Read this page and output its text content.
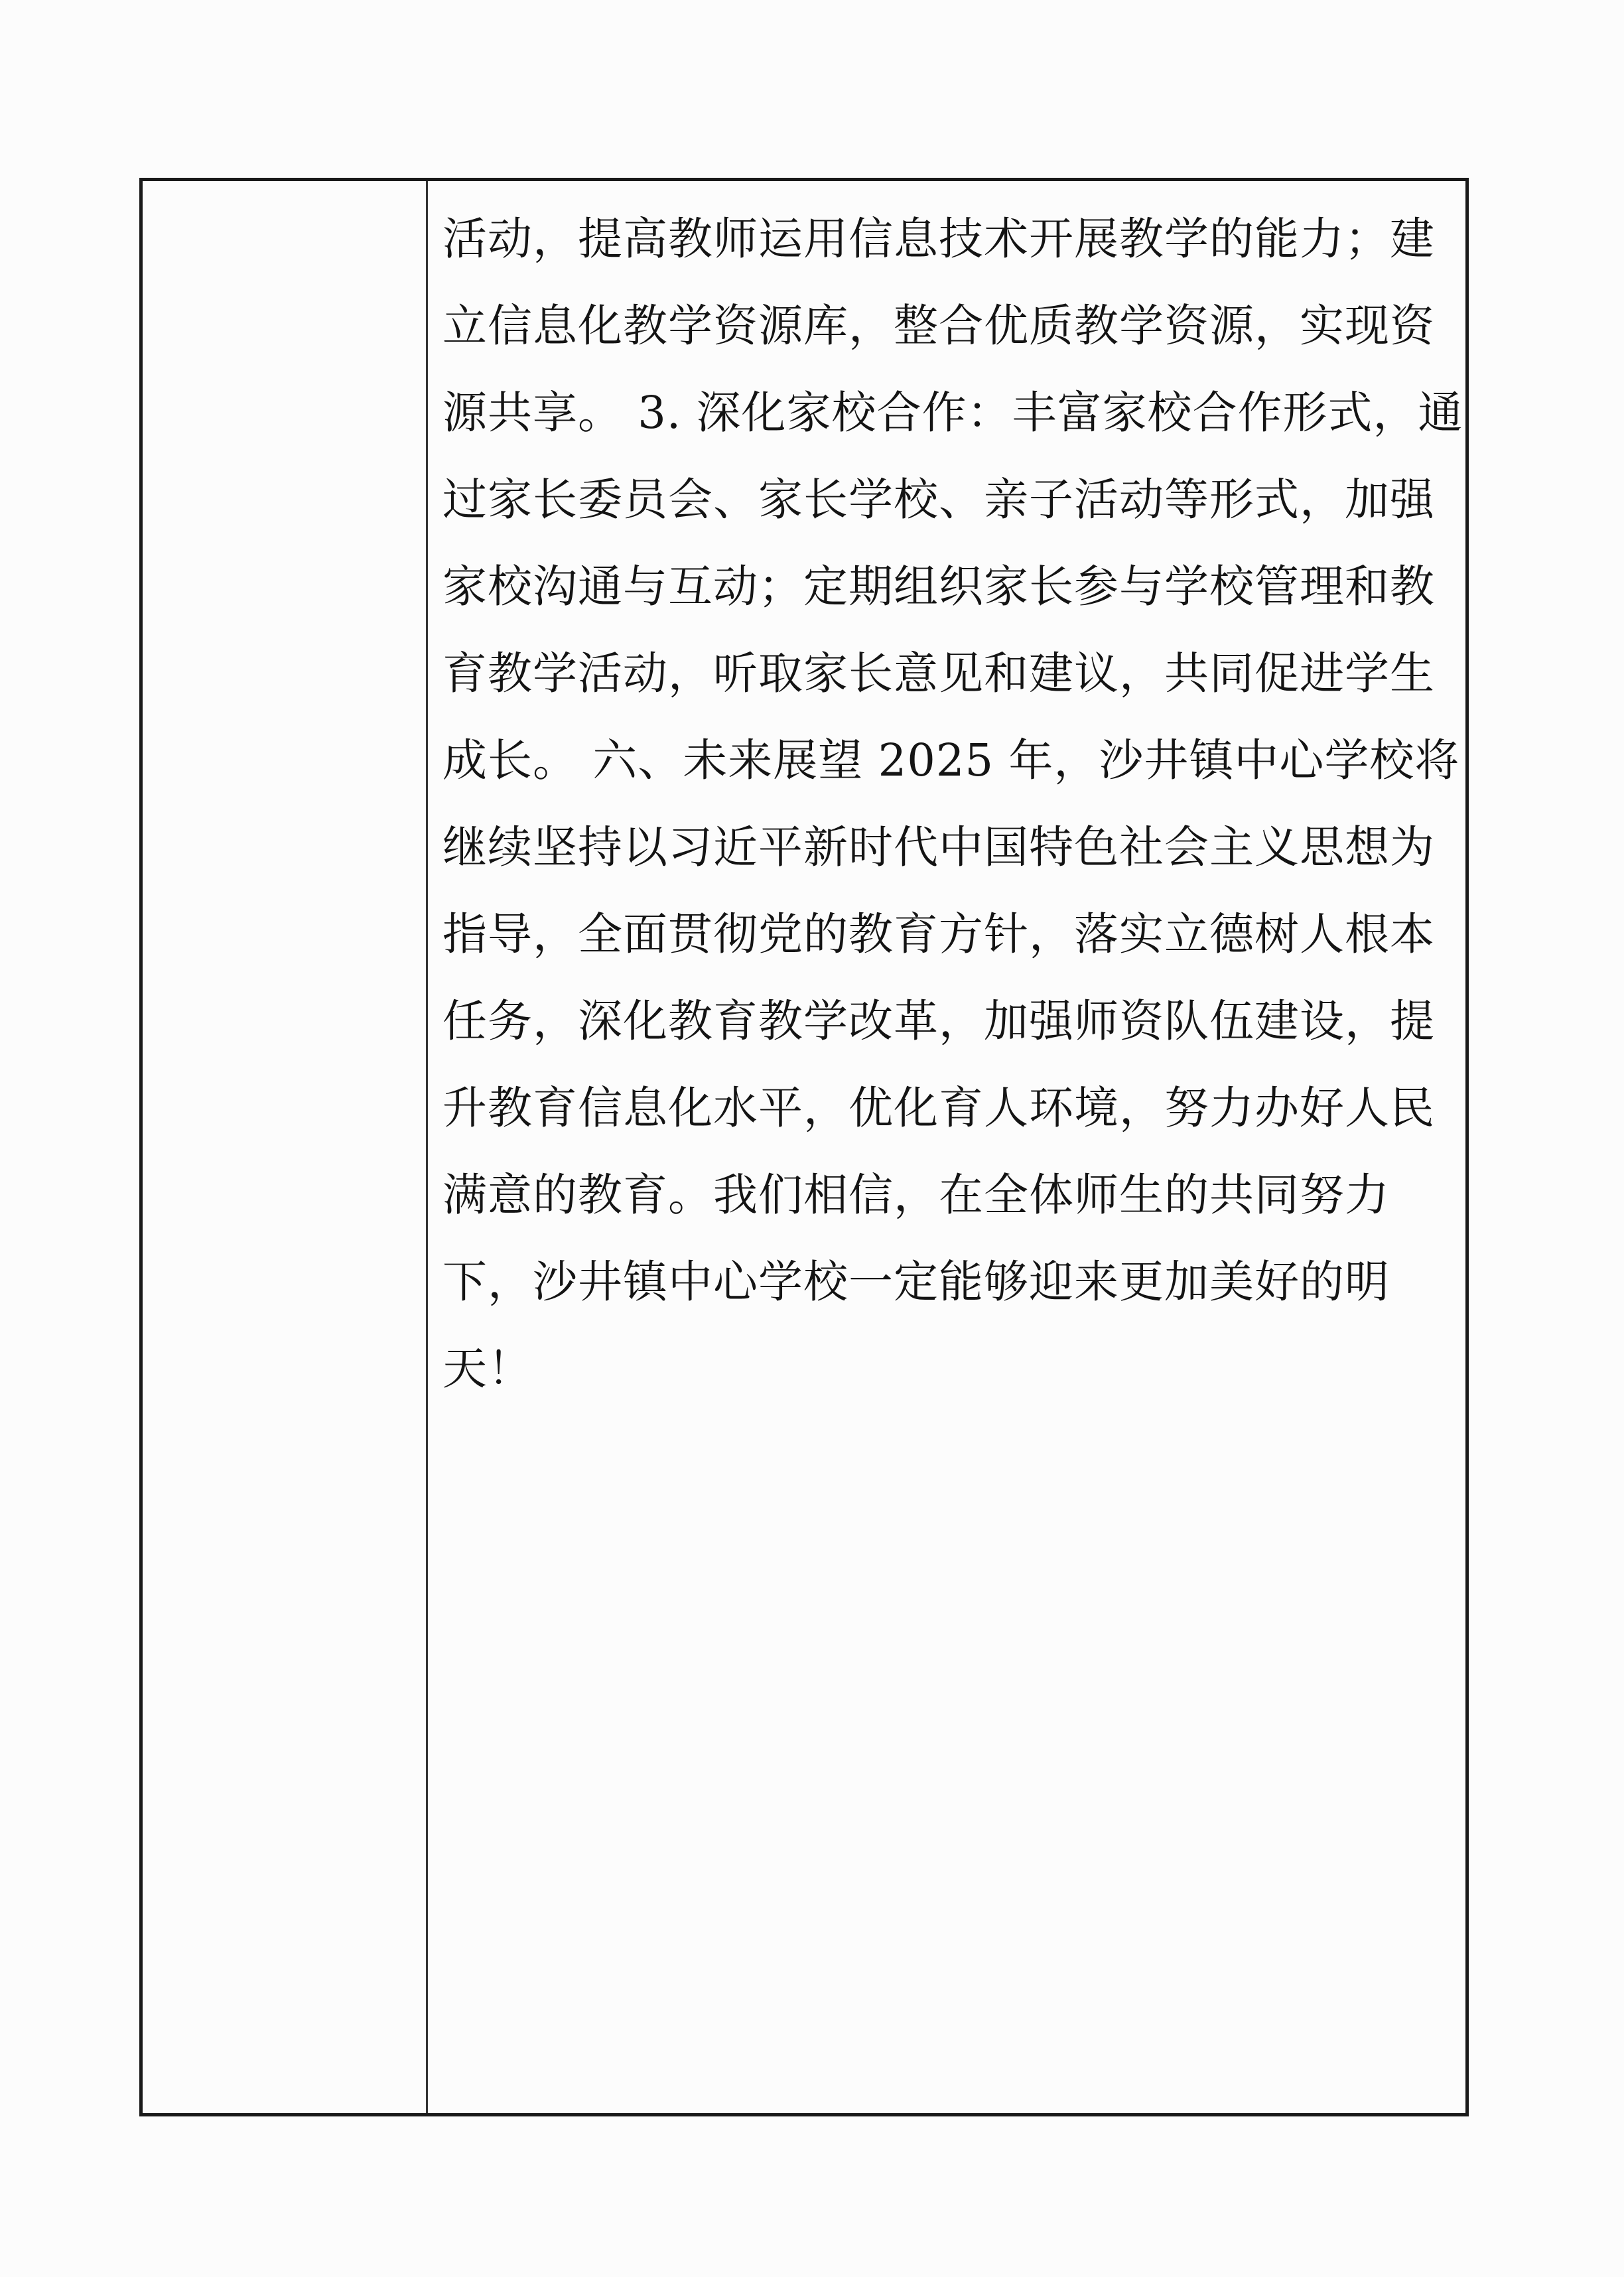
活动，提高教师运用信息技术开展教学的能力；建
立信息化教学资源库，整合优质教学资源，实现资
源共享。 3. 深化家校合作：丰富家校合作形式，通
过家长委员会、家长学校、亲子活动等形式，加强
家校沟通与互动；定期组织家长参与学校管理和教
育教学活动，听取家长意见和建议，共同促进学生
成长。 六、未来展望 2025 年，沙井镇中心学校将
继续坚持以习近平新时代中国特色社会主义思想为
指导，全面贯彻党的教育方针，落实立德树人根本
任务，深化教育教学改革，加强师资队伍建设，提
升教育信息化水平，优化育人环境，努力办好人民
满意的教育。我们相信，在全体师生的共同努力
下，沙井镇中心学校一定能够迎来更加美好的明
天！
